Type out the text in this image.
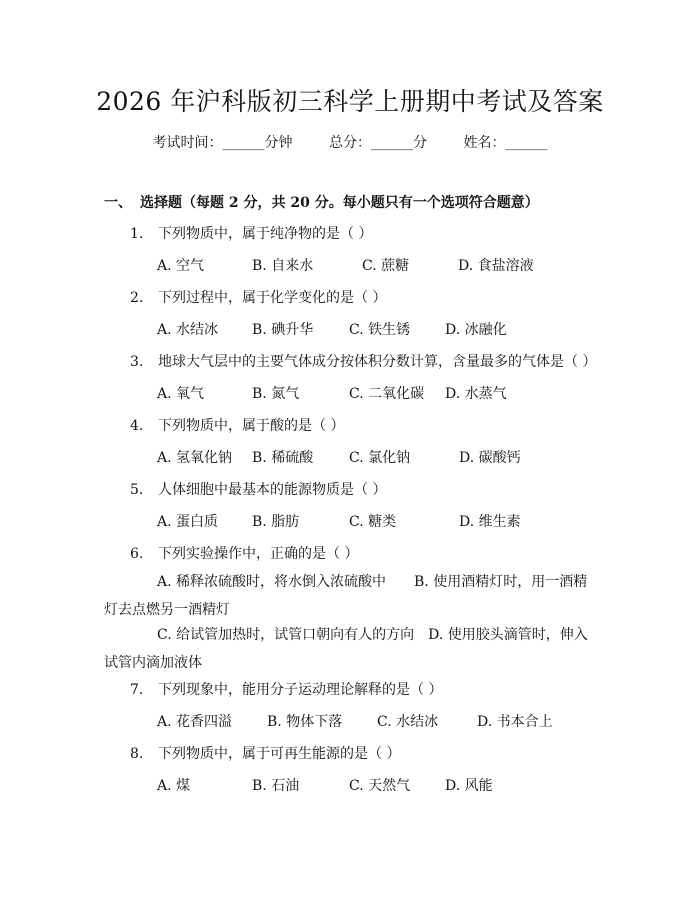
2026 年沪科版初三科学上册期中考试及答案
考试时间：______分钟	总分：______分	姓名：______
一、 选择题（每题 2 分，共 20 分。每小题只有一个选项符合题意）
1. 下列物质中，属于纯净物的是（ ）
A. 空气	B. 自来水	C. 蔗糖	D. 食盐溶液
2. 下列过程中，属于化学变化的是（ ）
A. 水结冰 B. 碘升华	C. 铁生锈 D. 冰融化
3. 地球大气层中的主要气体成分按体积分数计算，含量最多的气体是（ ）
A. 氧气	B. 氮气	C. 二氧化碳 D. 水蒸气
4. 下列物质中，属于酸的是（ ）
A. 氢氧化钠 B. 稀硫酸	C. 氯化钠	D. 碳酸钙
5. 人体细胞中最基本的能源物质是（ ）
A. 蛋白质 B. 脂肪	C. 糖类	D. 维生素
6. 下列实验操作中，正确的是（ ）
A. 稀释浓硫酸时，将水倒入浓硫酸中　　B. 使用酒精灯时，用一酒精灯去点燃另一酒精灯
C. 给试管加热时，试管口朝向有人的方向　D. 使用胶头滴管时，伸入试管内滴加液体
7. 下列现象中，能用分子运动理论解释的是（ ）
A. 花香四溢 B. 物体下落 C. 水结冰	D. 书本合上
8. 下列物质中，属于可再生能源的是（ ）
A. 煤	B. 石油	C. 天然气 D. 风能
